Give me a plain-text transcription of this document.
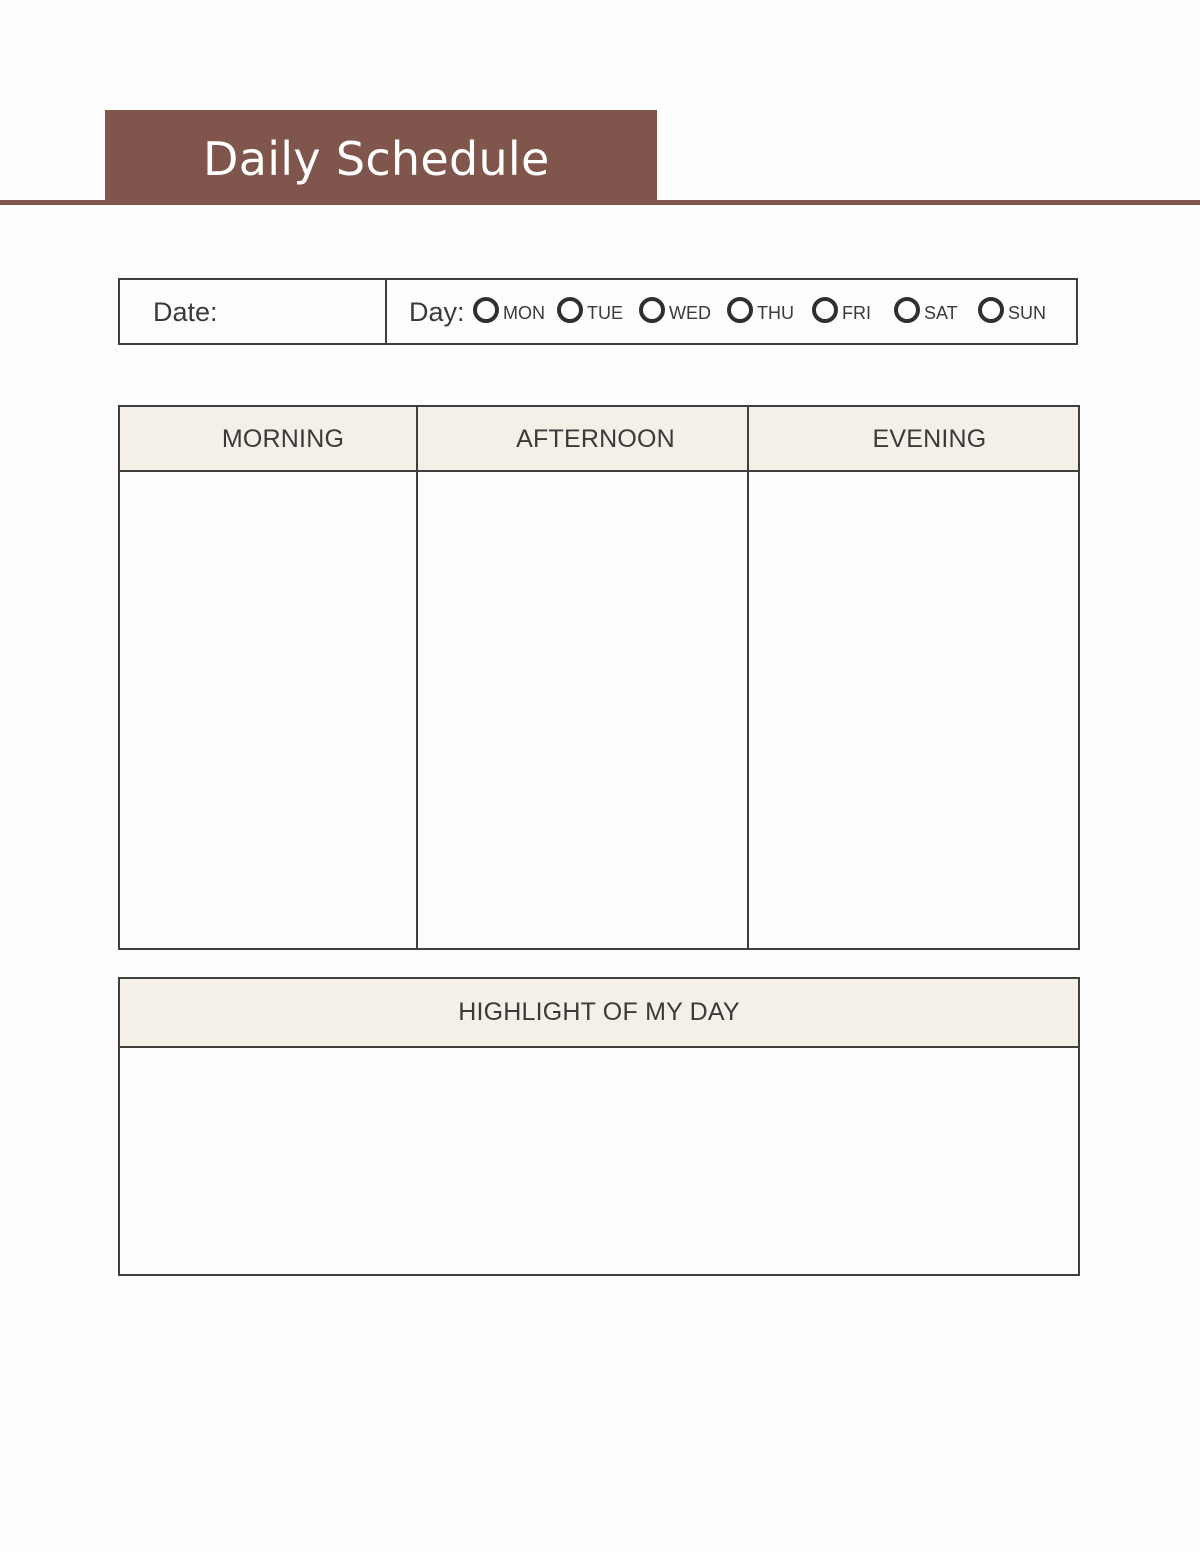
Daily Schedule
Date:	Day: MON TUE	WED	THU	FRI	SAT	SUN
MORNING	AFTERNOON	EVENING
HIGHLIGHT OF MY DAY
